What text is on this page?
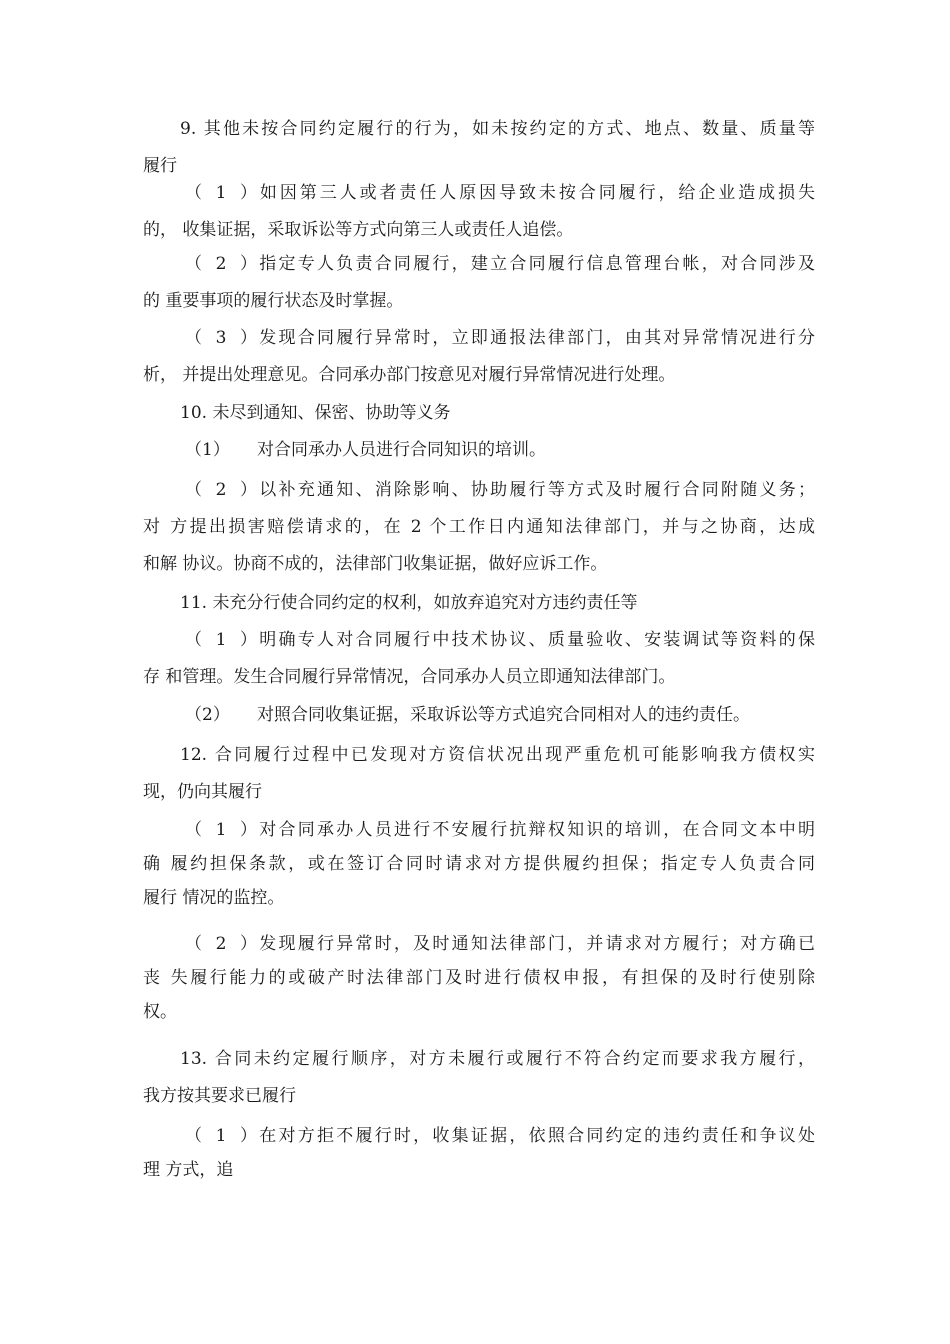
9. 其他未按合同约定履行的行为，如未按约定的方式、地点、数量、质量等
履行
（1）如因第三人或者责任人原因导致未按合同履行，给企业造成损失
的， 收集证据，采取诉讼等方式向第三人或责任人追偿。
（2）指定专人负责合同履行，建立合同履行信息管理台帐，对合同涉及
的 重要事项的履行状态及时掌握。
（3）发现合同履行异常时，立即通报法律部门，由其对异常情况进行分
析， 并提出处理意见。合同承办部门按意见对履行异常情况进行处理。
10. 未尽到通知、保密、协助等义务
（1） 对合同承办人员进行合同知识的培训。
（2）以补充通知、消除影响、协助履行等方式及时履行合同附随义务；
对 方提出损害赔偿请求的，在 2 个工作日内通知法律部门，并与之协商，达成
和解 协议。协商不成的，法律部门收集证据，做好应诉工作。
11. 未充分行使合同约定的权利，如放弃追究对方违约责任等
（1）明确专人对合同履行中技术协议、质量验收、安装调试等资料的保
存 和管理。发生合同履行异常情况，合同承办人员立即通知法律部门。
（2） 对照合同收集证据，采取诉讼等方式追究合同相对人的违约责任。
12. 合同履行过程中已发现对方资信状况出现严重危机可能影响我方债权实
现，仍向其履行
（1）对合同承办人员进行不安履行抗辩权知识的培训，在合同文本中明
确 履约担保条款，或在签订合同时请求对方提供履约担保；指定专人负责合同
履行 情况的监控。
（2）发现履行异常时，及时通知法律部门，并请求对方履行；对方确已
丧 失履行能力的或破产时法律部门及时进行债权申报，有担保的及时行使别除
权。
13. 合同未约定履行顺序，对方未履行或履行不符合约定而要求我方履行，
我方按其要求已履行
（1）在对方拒不履行时，收集证据，依照合同约定的违约责任和争议处
理 方式，追
